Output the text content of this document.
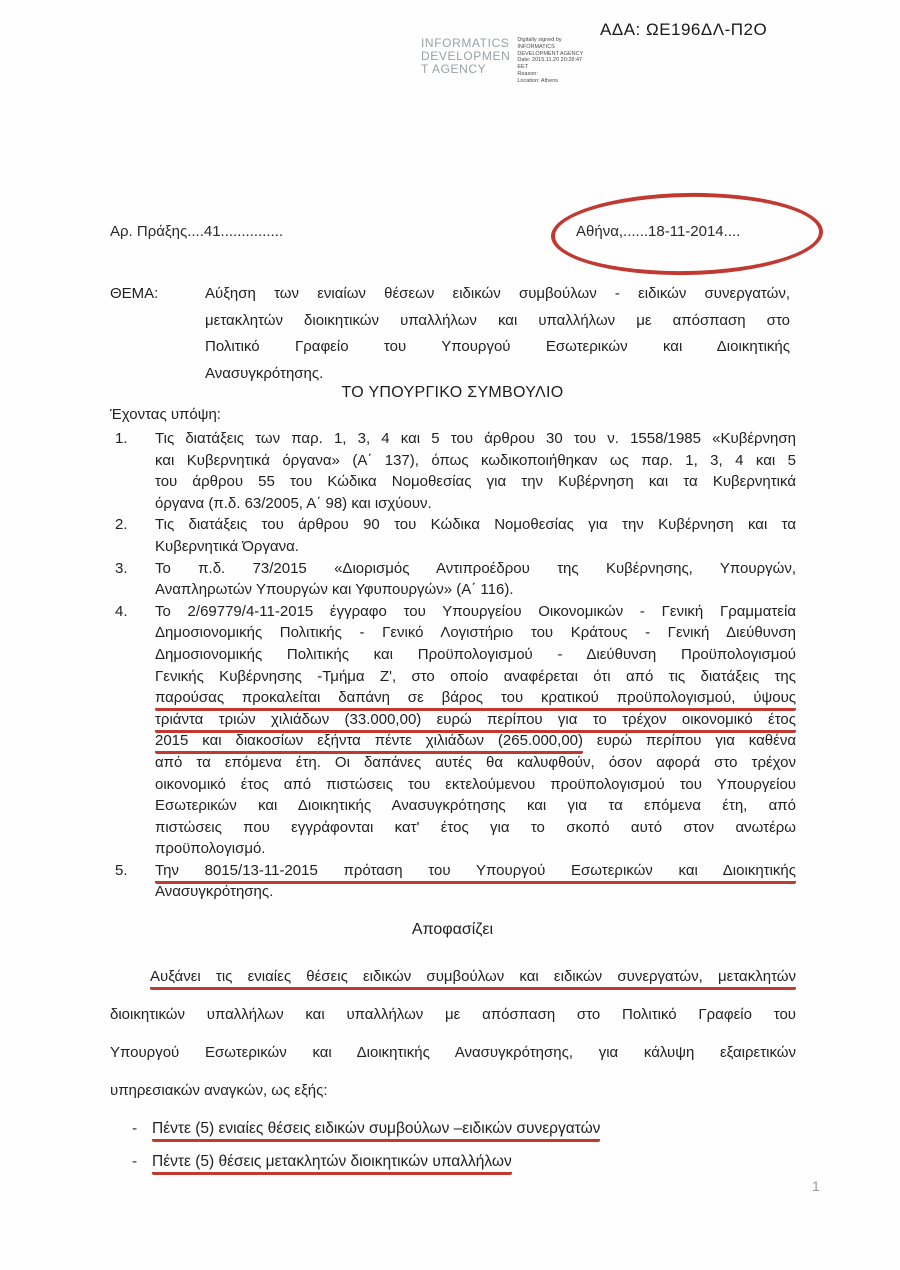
ΑΔΑ: ΩΕ196ΔΛ-Π2Ο
INFORMATICS
DEVELOPMEN
T AGENCY
Digitally signed by
INFORMATICS
DEVELOPMENT AGENCY
Date: 2015.11.20 20:28:47
EET
Reason:
Location: Athens
Αρ. Πράξης....41...............	Αθήνα,......18-11-2014....
ΘΕΜΑ:	Αύξηση των ενιαίων θέσεων ειδικών συμβούλων - ειδικών συνεργατών,
μετακλητών διοικητικών υπαλλήλων και υπαλλήλων με απόσπαση στο
Πολιτικό Γραφείο του Υπουργού Εσωτερικών και Διοικητικής
Ανασυγκρότησης.
ΤΟ ΥΠΟΥΡΓΙΚΟ ΣΥΜΒΟΥΛΙΟ
Έχοντας υπόψη:
1.	Τις διατάξεις των παρ. 1, 3, 4 και 5 του άρθρου 30 του ν. 1558/1985 «Κυβέρνηση
και Κυβερνητικά όργανα» (Α΄ 137), όπως κωδικοποιήθηκαν ως παρ. 1, 3, 4 και 5
του άρθρου 55 του Κώδικα Νομοθεσίας για την Κυβέρνηση και τα Κυβερνητικά
όργανα (π.δ. 63/2005, Α΄ 98) και ισχύουν.
2.	Τις διατάξεις του άρθρου 90 του Κώδικα Νομοθεσίας για την Κυβέρνηση και τα
Κυβερνητικά Όργανα.
3.	Το π.δ. 73/2015 «Διορισμός Αντιπροέδρου της Κυβέρνησης, Υπουργών,
Αναπληρωτών Υπουργών και Υφυπουργών» (Α΄ 116).
4.	Το 2/69779/4-11-2015 έγγραφο του Υπουργείου Οικονομικών - Γενική Γραμματεία
Δημοσιονομικής Πολιτικής - Γενικό Λογιστήριο του Κράτους - Γενική Διεύθυνση
Δημοσιονομικής Πολιτικής και Προϋπολογισμού - Διεύθυνση Προϋπολογισμού
Γενικής Κυβέρνησης -Τμήμα Ζ', στο οποίο αναφέρεται ότι από τις διατάξεις της
παρούσας προκαλείται δαπάνη σε βάρος του κρατικού προϋπολογισμού, ύψους
τριάντα τριών χιλιάδων (33.000,00) ευρώ περίπου για το τρέχον οικονομικό έτος
2015 και διακοσίων εξήντα πέντε χιλιάδων (265.000,00) ευρώ περίπου για καθένα
από τα επόμενα έτη. Οι δαπάνες αυτές θα καλυφθούν, όσον αφορά στο τρέχον
οικονομικό έτος από πιστώσεις του εκτελούμενου προϋπολογισμού του Υπουργείου
Εσωτερικών και Διοικητικής Ανασυγκρότησης και για τα επόμενα έτη, από
πιστώσεις που εγγράφονται κατ' έτος για το σκοπό αυτό στον ανωτέρω
προϋπολογισμό.
5.	Την 8015/13-11-2015 πρόταση του Υπουργού Εσωτερικών και Διοικητικής
Ανασυγκρότησης.
Αποφασίζει
Αυξάνει τις ενιαίες θέσεις ειδικών συμβούλων και ειδικών συνεργατών, μετακλητών
διοικητικών υπαλλήλων και υπαλλήλων με απόσπαση στο Πολιτικό Γραφείο του
Υπουργού Εσωτερικών και Διοικητικής Ανασυγκρότησης, για κάλυψη εξαιρετικών
υπηρεσιακών αναγκών, ως εξής:
- Πέντε (5) ενιαίες θέσεις ειδικών συμβούλων –ειδικών συνεργατών
- Πέντε (5) θέσεις μετακλητών διοικητικών υπαλλήλων
1
